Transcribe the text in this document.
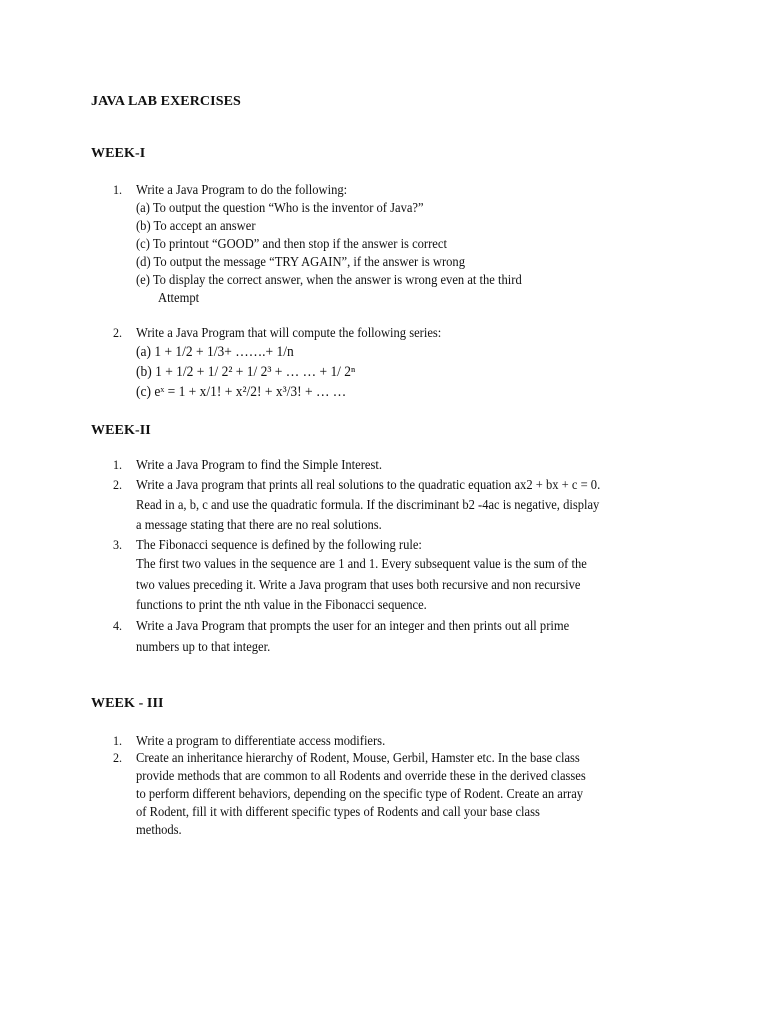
JAVA LAB EXERCISES
WEEK-I
1.	Write a Java Program to do the following:
(a) To output the question “Who is the inventor of Java?”
(b) To accept an answer
(c) To printout “GOOD” and then stop if the answer is correct
(d) To output the message “TRY AGAIN”, if the answer is wrong
(e) To display the correct answer, when the answer is wrong even at the third
Attempt
2.	Write a Java Program that will compute the following series:
(a) 1 + 1/2 + 1/3+ …….+ 1/n
(b) 1 + 1/2 + 1/ 2² + 1/ 2³ + … … + 1/ 2ⁿ
(c) eˣ = 1 + x/1! + x²/2! + x³/3! + … …
WEEK-II
1.	Write a Java Program to find the Simple Interest.
2.	Write a Java program that prints all real solutions to the quadratic equation ax2 + bx + c = 0.
Read in a, b, c and use the quadratic formula. If the discriminant b2 -4ac is negative, display
a message stating that there are no real solutions.
3.	The Fibonacci sequence is defined by the following rule:
The first two values in the sequence are 1 and 1. Every subsequent value is the sum of the
two values preceding it. Write a Java program that uses both recursive and non recursive
functions to print the nth value in the Fibonacci sequence.
4.	Write a Java Program that prompts the user for an integer and then prints out all prime
numbers up to that integer.
WEEK - III
1.	Write a program to differentiate access modifiers.
2.	Create an inheritance hierarchy of Rodent, Mouse, Gerbil, Hamster etc. In the base class
provide methods that are common to all Rodents and override these in the derived classes
to perform different behaviors, depending on the specific type of Rodent. Create an array
of Rodent, fill it with different specific types of Rodents and call your base class
methods.
